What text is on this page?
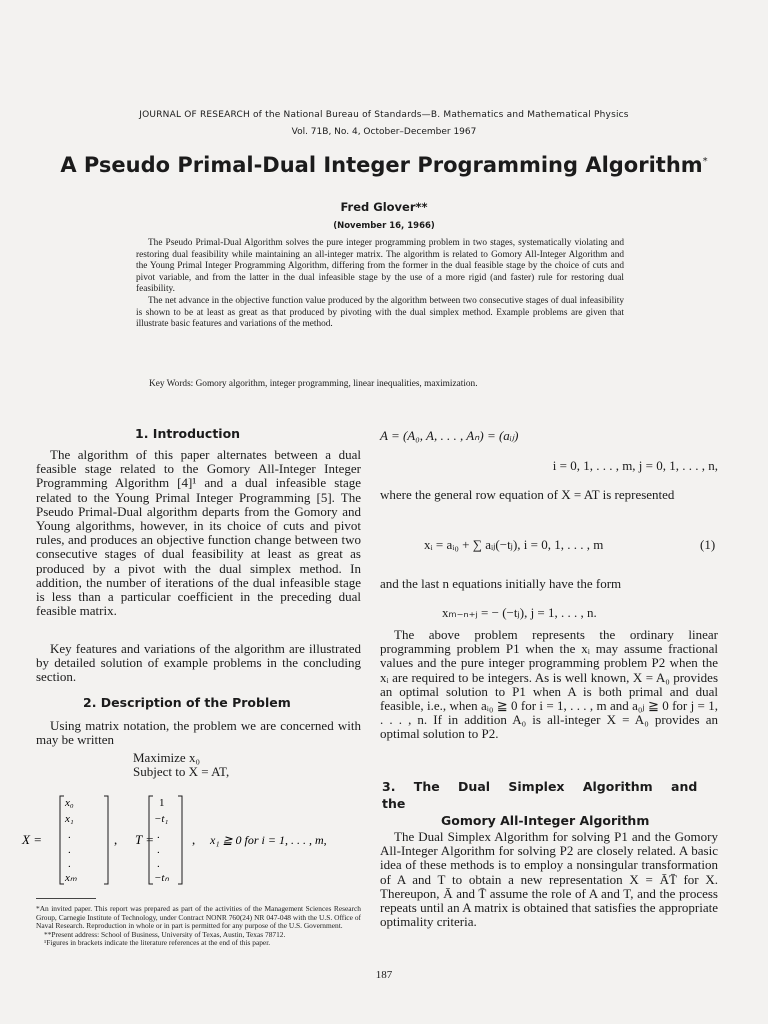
JOURNAL OF RESEARCH of the National Bureau of Standards—B. Mathematics and Mathematical Physics
Vol. 71B, No. 4, October–December 1967
A Pseudo Primal-Dual Integer Programming Algorithm*
Fred Glover**
(November 16, 1966)

The Pseudo Primal-Dual Algorithm solves the pure integer programming problem in two stages, systematically violating and restoring dual feasibility while maintaining an all-integer matrix. The algorithm is related to Gomory All-Integer Algorithm and the Young Primal Integer Programming Algorithm, differing from the former in the dual feasible stage by the choice of cuts and pivot variable, and from the latter in the dual infeasible stage by the use of a more rigid (and faster) rule for restoring dual feasibility.

The net advance in the objective function value produced by the algorithm between two consecutive stages of dual infeasibility is shown to be at least as great as that produced by pivoting with the dual simplex method. Example problems are given that illustrate basic features and variations of the method.

Key Words: Gomory algorithm, integer programming, linear inequalities, maximization.
1. Introduction
The algorithm of this paper alternates between a dual feasible stage related to the Gomory All-Integer Integer Programming Algorithm [4]¹ and a dual infeasible stage related to the Young Primal Integer Programming [5]. The Pseudo Primal-Dual algorithm departs from the Gomory and Young algorithms, however, in its choice of cuts and pivot rules, and produces an objective function change between two consecutive stages of dual feasibility at least as great as produced by a pivot with the dual simplex method. In addition, the number of iterations of the dual infeasible stage is less than a particular coefficient in the preceding dual feasible matrix.
Key features and variations of the algorithm are illustrated by detailed solution of example problems in the concluding section.
2. Description of the Problem
Using matrix notation, the problem we are concerned with may be written
Maximize x₀
Subject to X = AT,
X =
x₀
x₁
.
.
.
xₘ
, T =
1
−t₁
.
.
.
−tₙ
, x₁ ≧ 0 for i = 1, . . . , m,
*An invited paper. This report was prepared as part of the activities of the Management Sciences Research Group, Carnegie Institute of Technology, under Contract NONR 760(24) NR 047-048 with the U.S. Office of Naval Research. Reproduction in whole or in part is permitted for any purpose of the U.S. Government.
**Present address: School of Business, University of Texas, Austin, Texas 78712.
¹Figures in brackets indicate the literature references at the end of this paper.
A = (A₀, A, . . . , Aₙ) = (aᵢⱼ)
i = 0, 1, . . . , m, j = 0, 1, . . . , n,
where the general row equation of X = AT is represented
xᵢ = aᵢ₀ + ∑ aᵢⱼ(−tⱼ), i = 0, 1, . . . , m	(1)
and the last n equations initially have the form
xₘ₋ₙ₊ⱼ = − (−tⱼ), j = 1, . . . , n.
The above problem represents the ordinary linear programming problem P1 when the xᵢ may assume fractional values and the pure integer programming problem P2 when the xᵢ are required to be integers. As is well known, X = A₀ provides an optimal solution to P1 when A is both primal and dual feasible, i.e., when aᵢ₀ ≧ 0 for i = 1, . . . , m and a₀ⱼ ≧ 0 for j = 1, . . . , n. If in addition A₀ is all-integer X = A₀ provides an optimal solution to P2.
3. The Dual Simplex Algorithm and the
Gomory All-Integer Algorithm
The Dual Simplex Algorithm for solving P1 and the Gomory All-Integer Algorithm for solving P2 are closely related. A basic idea of these methods is to employ a nonsingular transformation of A and T to obtain a new representation X = ĀT̄ for X. Thereupon, Ā and T̄ assume the role of A and T, and the process repeats until an A matrix is obtained that satisfies the appropriate optimality criteria.
187
